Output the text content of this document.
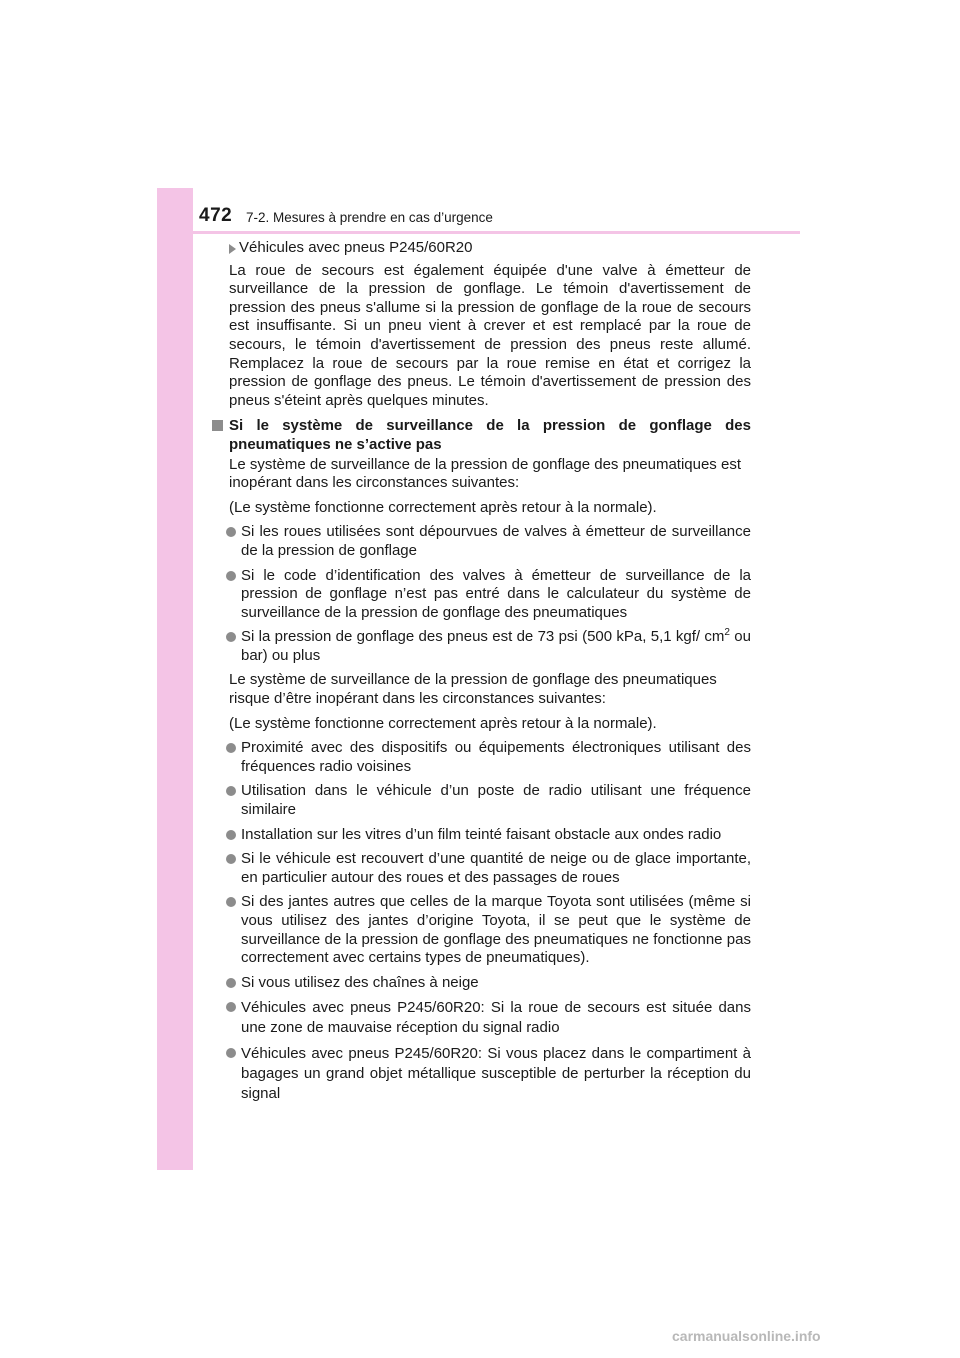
472 7-2. Mesures à prendre en cas d’urgence

Véhicules avec pneus P245/60R20

La roue de secours est également équipée d'une valve à émetteur de surveillance de la pression de gonflage. Le témoin d'avertissement de pression des pneus s'allume si la pression de gonflage de la roue de secours est insuffisante. Si un pneu vient à crever et est remplacé par la roue de secours, le témoin d'avertissement de pression des pneus reste allumé. Remplacez la roue de secours par la roue remise en état et corrigez la pression de gonflage des pneus. Le témoin d'avertissement de pression des pneus s'éteint après quelques minutes.

Si le système de surveillance de la pression de gonflage des pneumatiques ne s’active pas

Le système de surveillance de la pression de gonflage des pneumatiques est inopérant dans les circonstances suivantes:

(Le système fonctionne correctement après retour à la normale).

Si les roues utilisées sont dépourvues de valves à émetteur de surveillance de la pression de gonflage

Si le code d’identification des valves à émetteur de surveillance de la pression de gonflage n’est pas entré dans le calculateur du système de surveillance de la pression de gonflage des pneumatiques

Si la pression de gonflage des pneus est de 73 psi (500 kPa, 5,1 kgf/ $cm^2$ ou bar) ou plus

Le système de surveillance de la pression de gonflage des pneumatiques risque d’être inopérant dans les circonstances suivantes:

(Le système fonctionne correctement après retour à la normale).

Proximité avec des dispositifs ou équipements électroniques utilisant des fréquences radio voisines

Utilisation dans le véhicule d’un poste de radio utilisant une fréquence similaire

Installation sur les vitres d’un film teinté faisant obstacle aux ondes radio

Si le véhicule est recouvert d’une quantité de neige ou de glace importante, en particulier autour des roues et des passages de roues

Si des jantes autres que celles de la marque Toyota sont utilisées (même si vous utilisez des jantes d’origine Toyota, il se peut que le système de surveillance de la pression de gonflage des pneumatiques ne fonctionne pas correctement avec certains types de pneumatiques).

Si vous utilisez des chaînes à neige

Véhicules avec pneus P245/60R20: Si la roue de secours est située dans une zone de mauvaise réception du signal radio

Véhicules avec pneus P245/60R20: Si vous placez dans le compartiment à bagages un grand objet métallique susceptible de perturber la réception du signal

carmanualsonline.info
